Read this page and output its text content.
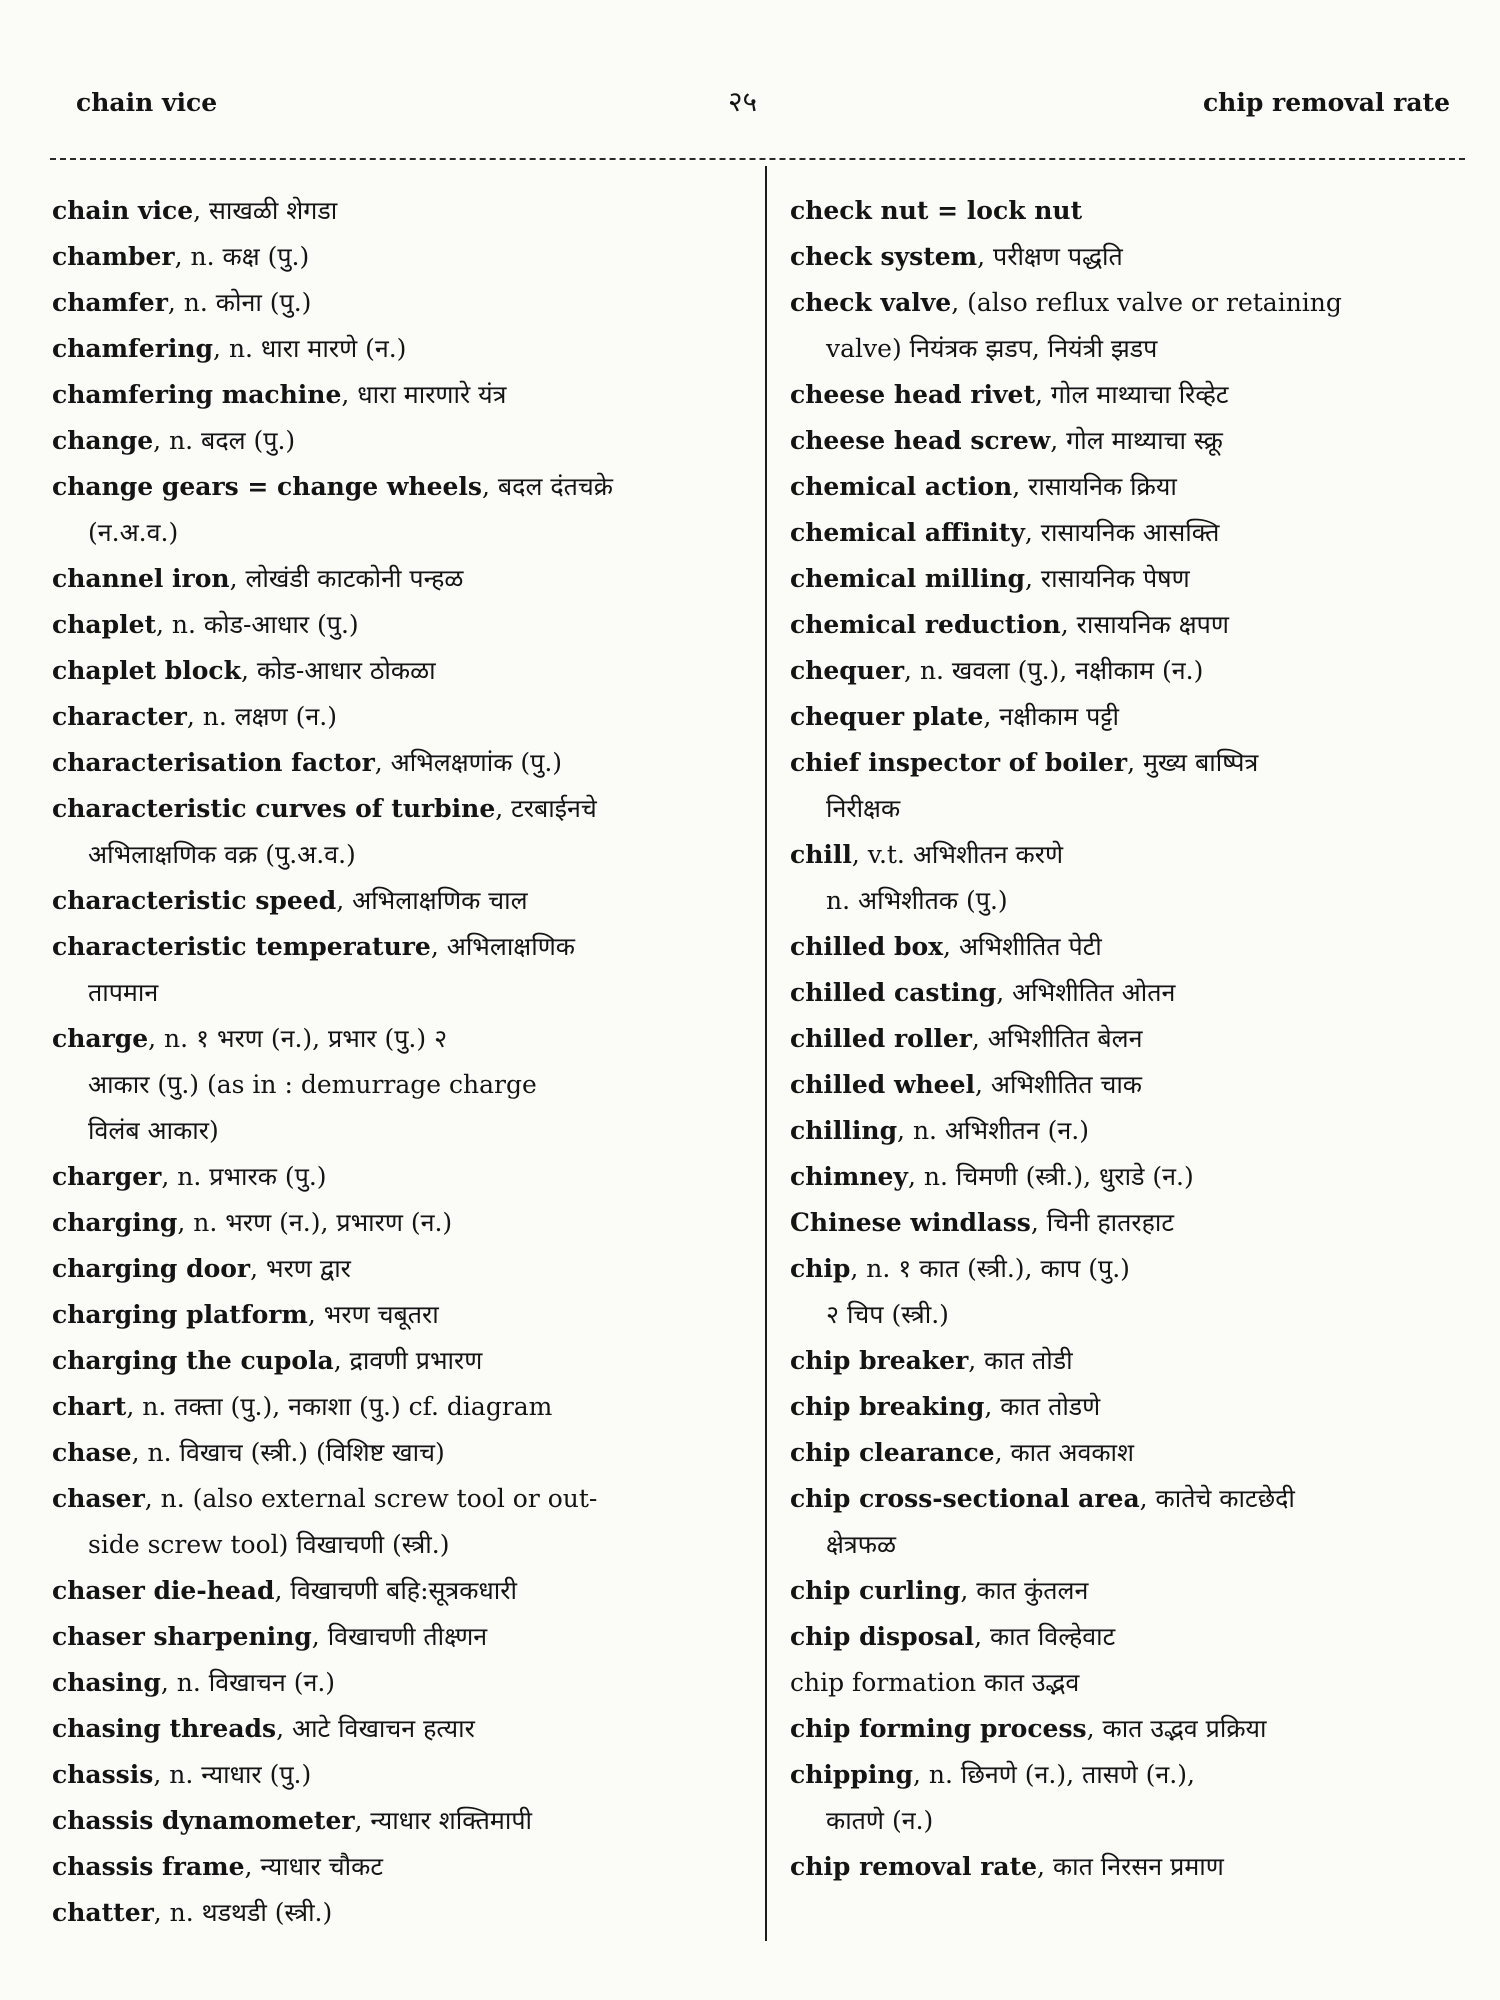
chain vice	२५	chip removal rate
chain vice, साखळी शेगडा
chamber, n. कक्ष (पु.)
chamfer, n. कोना (पु.)
chamfering, n. धारा मारणे (न.)
chamfering machine, धारा मारणारे यंत्र
change, n. बदल (पु.)
change gears = change wheels, बदल दंतचक्रे
(न.अ.व.)
channel iron, लोखंडी काटकोनी पन्हळ
chaplet, n. कोड-आधार (पु.)
chaplet block, कोड-आधार ठोकळा
character, n. लक्षण (न.)
characterisation factor, अभिलक्षणांक (पु.)
characteristic curves of turbine, टरबाईनचे
अभिलाक्षणिक वक्र (पु.अ.व.)
characteristic speed, अभिलाक्षणिक चाल
characteristic temperature, अभिलाक्षणिक
तापमान
charge, n. १ भरण (न.), प्रभार (पु.) २
आकार (पु.) (as in : demurrage charge
विलंब आकार)
charger, n. प्रभारक (पु.)
charging, n. भरण (न.), प्रभारण (न.)
charging door, भरण द्वार
charging platform, भरण चबूतरा
charging the cupola, द्रावणी प्रभारण
chart, n. तक्ता (पु.), नकाशा (पु.) cf. diagram
chase, n. विखाच (स्त्री.) (विशिष्ट खाच)
chaser, n. (also external screw tool or out-
side screw tool) विखाचणी (स्त्री.)
chaser die-head, विखाचणी बहि:सूत्रकधारी
chaser sharpening, विखाचणी तीक्ष्णन
chasing, n. विखाचन (न.)
chasing threads, आटे विखाचन हत्यार
chassis, n. न्याधार (पु.)
chassis dynamometer, न्याधार शक्तिमापी
chassis frame, न्याधार चौकट
chatter, n. थडथडी (स्त्री.)
check nut = lock nut
check system, परीक्षण पद्धति
check valve, (also reflux valve or retaining
valve) नियंत्रक झडप, नियंत्री झडप
cheese head rivet, गोल माथ्याचा रिव्हेट
cheese head screw, गोल माथ्याचा स्क्रू
chemical action, रासायनिक क्रिया
chemical affinity, रासायनिक आसक्ति
chemical milling, रासायनिक पेषण
chemical reduction, रासायनिक क्षपण
chequer, n. खवला (पु.), नक्षीकाम (न.)
chequer plate, नक्षीकाम पट्टी
chief inspector of boiler, मुख्य बाष्पित्र
निरीक्षक
chill, v.t. अभिशीतन करणे
n. अभिशीतक (पु.)
chilled box, अभिशीतित पेटी
chilled casting, अभिशीतित ओतन
chilled roller, अभिशीतित बेलन
chilled wheel, अभिशीतित चाक
chilling, n. अभिशीतन (न.)
chimney, n. चिमणी (स्त्री.), धुराडे (न.)
Chinese windlass, चिनी हातरहाट
chip, n. १ कात (स्त्री.), काप (पु.)
२ चिप (स्त्री.)
chip breaker, कात तोडी
chip breaking, कात तोडणे
chip clearance, कात अवकाश
chip cross-sectional area, कातेचे काटछेदी
क्षेत्रफळ
chip curling, कात कुंतलन
chip disposal, कात विल्हेवाट
chip formation कात उद्भव
chip forming process, कात उद्भव प्रक्रिया
chipping, n. छिनणे (न.), तासणे (न.),
कातणे (न.)
chip removal rate, कात निरसन प्रमाण
